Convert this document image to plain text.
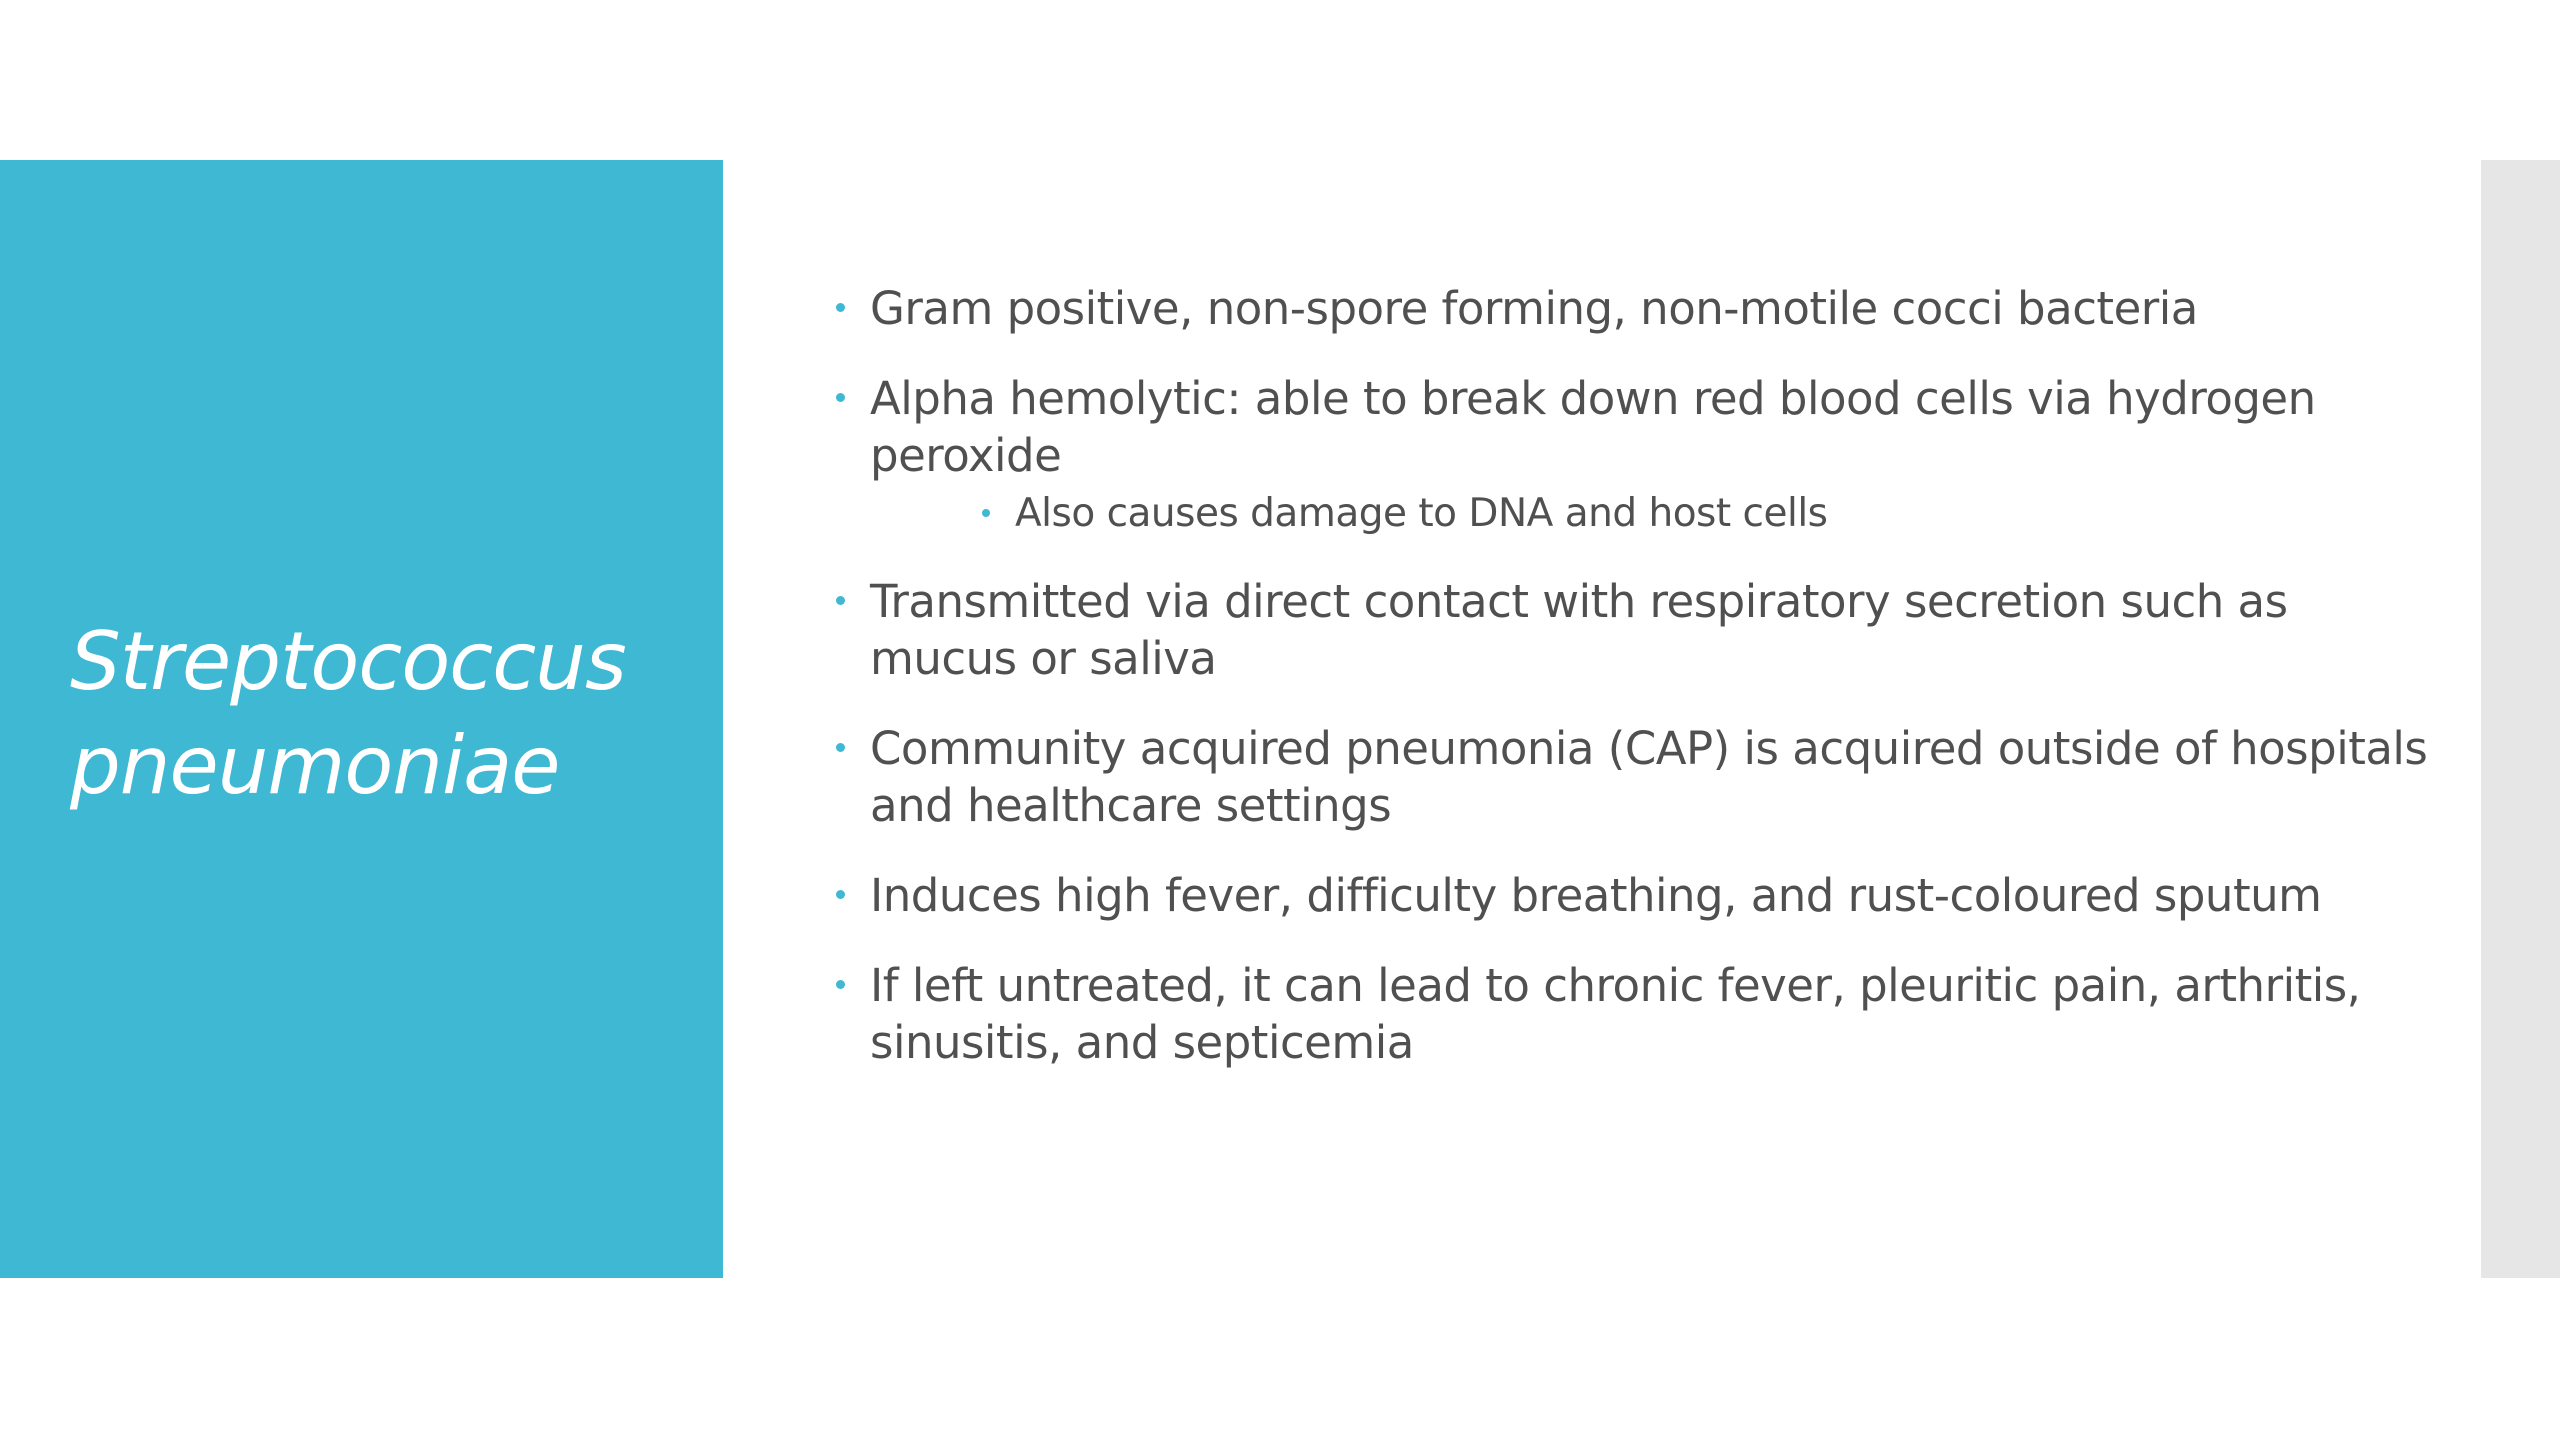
Streptococcus pneumoniae
Gram positive, non-spore forming, non-motile cocci bacteria
Alpha hemolytic: able to break down red blood cells via hydrogen peroxide
Also causes damage to DNA and host cells
Transmitted via direct contact with respiratory secretion such as mucus or saliva
Community acquired pneumonia (CAP) is acquired outside of hospitals and healthcare settings
Induces high fever, difficulty breathing, and rust-coloured sputum
If left untreated, it can lead to chronic fever, pleuritic pain, arthritis, sinusitis, and septicemia
